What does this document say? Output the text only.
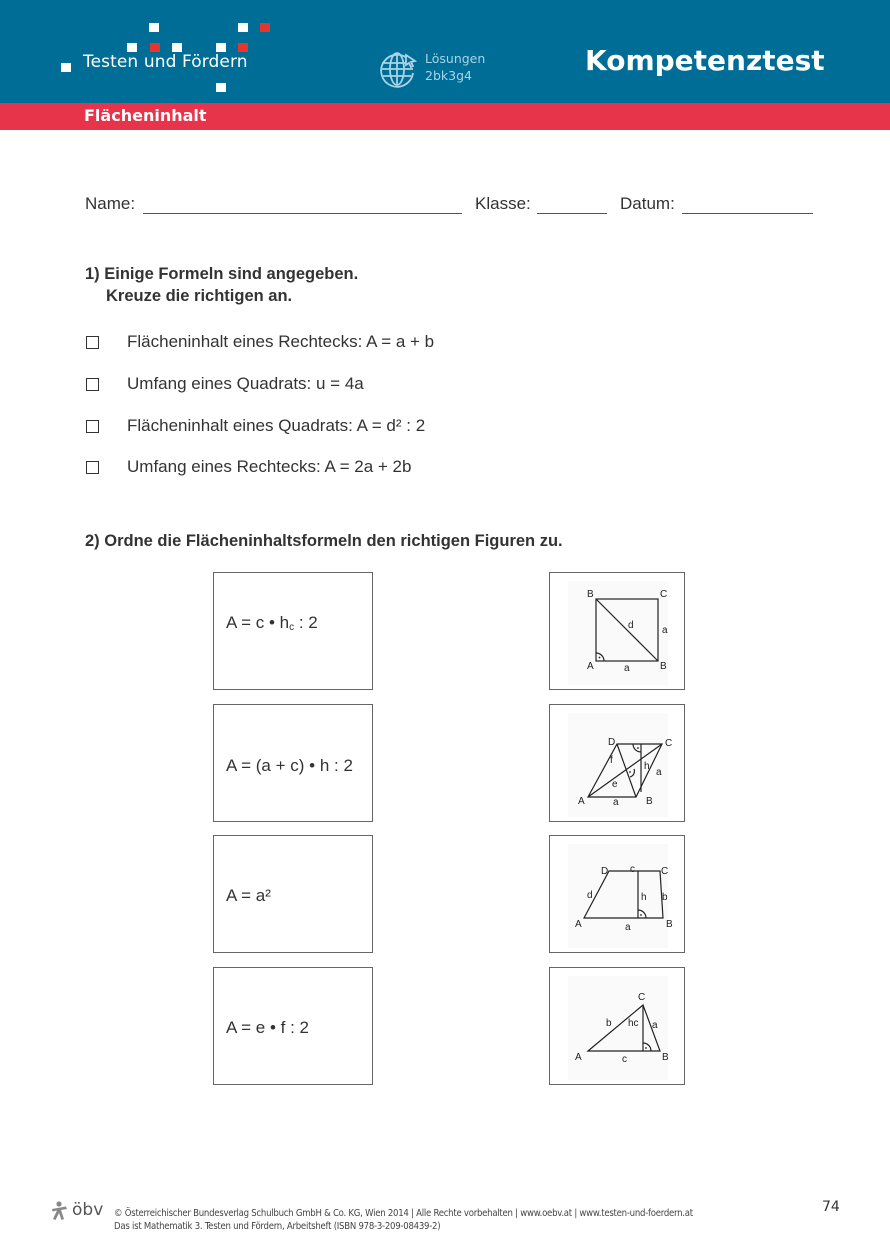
Testen und Fördern	Lösungen
2bk3g4	Kompetenztest
Flächeninhalt
Name:	Klasse:	Datum:
1) Einige Formeln sind angegeben.
Kreuze die richtigen an.
Flächeninhalt eines Rechtecks: A = a + b
Umfang eines Quadrats: u = 4a
Flächeninhalt eines Quadrats: A = d² : 2
Umfang eines Rechtecks: A = 2a + 2b
2) Ordne die Flächeninhaltsformeln den richtigen Figuren zu.
A = c • $h_c$ : 2
A = (a + c) • h : 2
A = a²
A = e • f : 2
B	C
A	B
d	a
a
D	C
A	B
f
e
h
a
a
D	C
A	B
c
d	b
h
a
C
A	B
b	a
hc
c
öbv © Österreichischer Bundesverlag Schulbuch GmbH & Co. KG, Wien 2014 | Alle Rechte vorbehalten | www.oebv.at | www.testen-und-foerdern.at
Das ist Mathematik 3. Testen und Fördern, Arbeitsheft (ISBN 978-3-209-08439-2)
74
